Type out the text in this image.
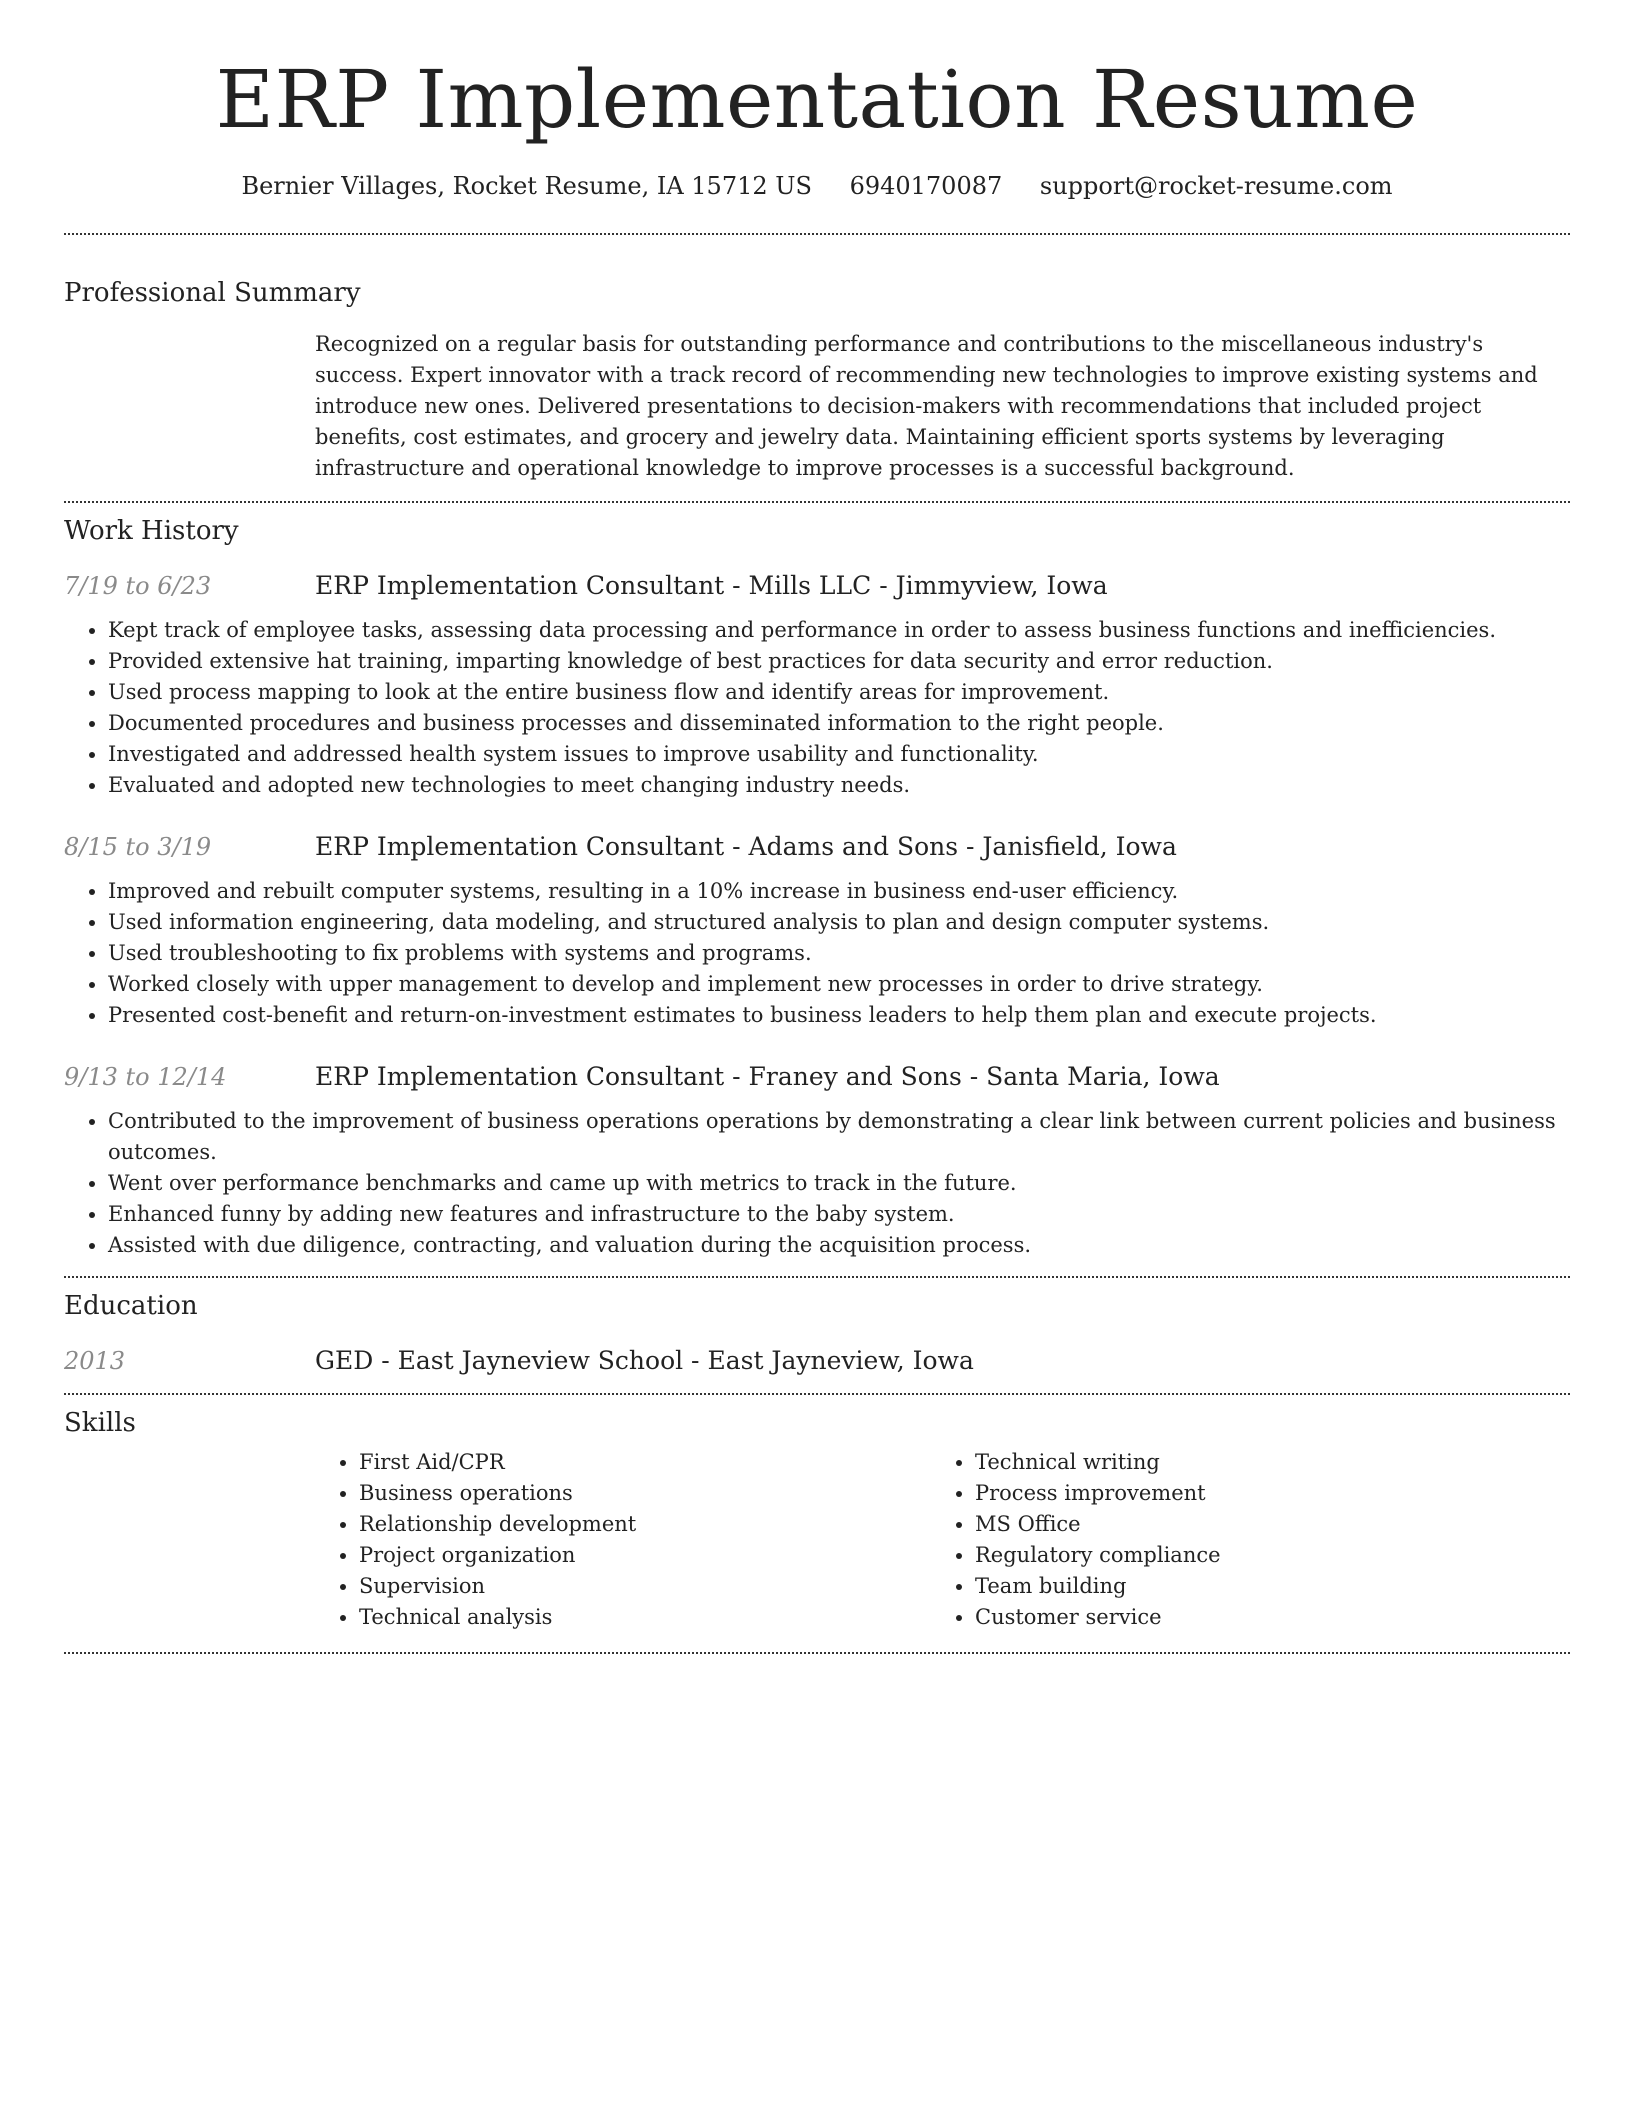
ERP Implementation Resume
Bernier Villages, Rocket Resume, IA 15712 US 6940170087 support@rocket-resume.com
Professional Summary
Recognized on a regular basis for outstanding performance and contributions to the miscellaneous industry's success. Expert innovator with a track record of recommending new technologies to improve existing systems and introduce new ones. Delivered presentations to decision-makers with recommendations that included project benefits, cost estimates, and grocery and jewelry data. Maintaining efficient sports systems by leveraging infrastructure and operational knowledge to improve processes is a successful background.
Work History
7/19 to 6/23	ERP Implementation Consultant - Mills LLC - Jimmyview, Iowa
• Kept track of employee tasks, assessing data processing and performance in order to assess business functions and inefficiencies.
• Provided extensive hat training, imparting knowledge of best practices for data security and error reduction.
• Used process mapping to look at the entire business flow and identify areas for improvement.
• Documented procedures and business processes and disseminated information to the right people.
• Investigated and addressed health system issues to improve usability and functionality.
• Evaluated and adopted new technologies to meet changing industry needs.
8/15 to 3/19	ERP Implementation Consultant - Adams and Sons - Janisfield, Iowa
• Improved and rebuilt computer systems, resulting in a 10% increase in business end-user efficiency.
• Used information engineering, data modeling, and structured analysis to plan and design computer systems.
• Used troubleshooting to fix problems with systems and programs.
• Worked closely with upper management to develop and implement new processes in order to drive strategy.
• Presented cost-benefit and return-on-investment estimates to business leaders to help them plan and execute projects.
9/13 to 12/14	ERP Implementation Consultant - Franey and Sons - Santa Maria, Iowa
• Contributed to the improvement of business operations operations by demonstrating a clear link between current policies and business outcomes.
• Went over performance benchmarks and came up with metrics to track in the future.
• Enhanced funny by adding new features and infrastructure to the baby system.
• Assisted with due diligence, contracting, and valuation during the acquisition process.
Education
2013	GED - East Jayneview School - East Jayneview, Iowa
Skills
• First Aid/CPR
• Business operations
• Relationship development
• Project organization
• Supervision
• Technical analysis
• Technical writing
• Process improvement
• MS Office
• Regulatory compliance
• Team building
• Customer service
